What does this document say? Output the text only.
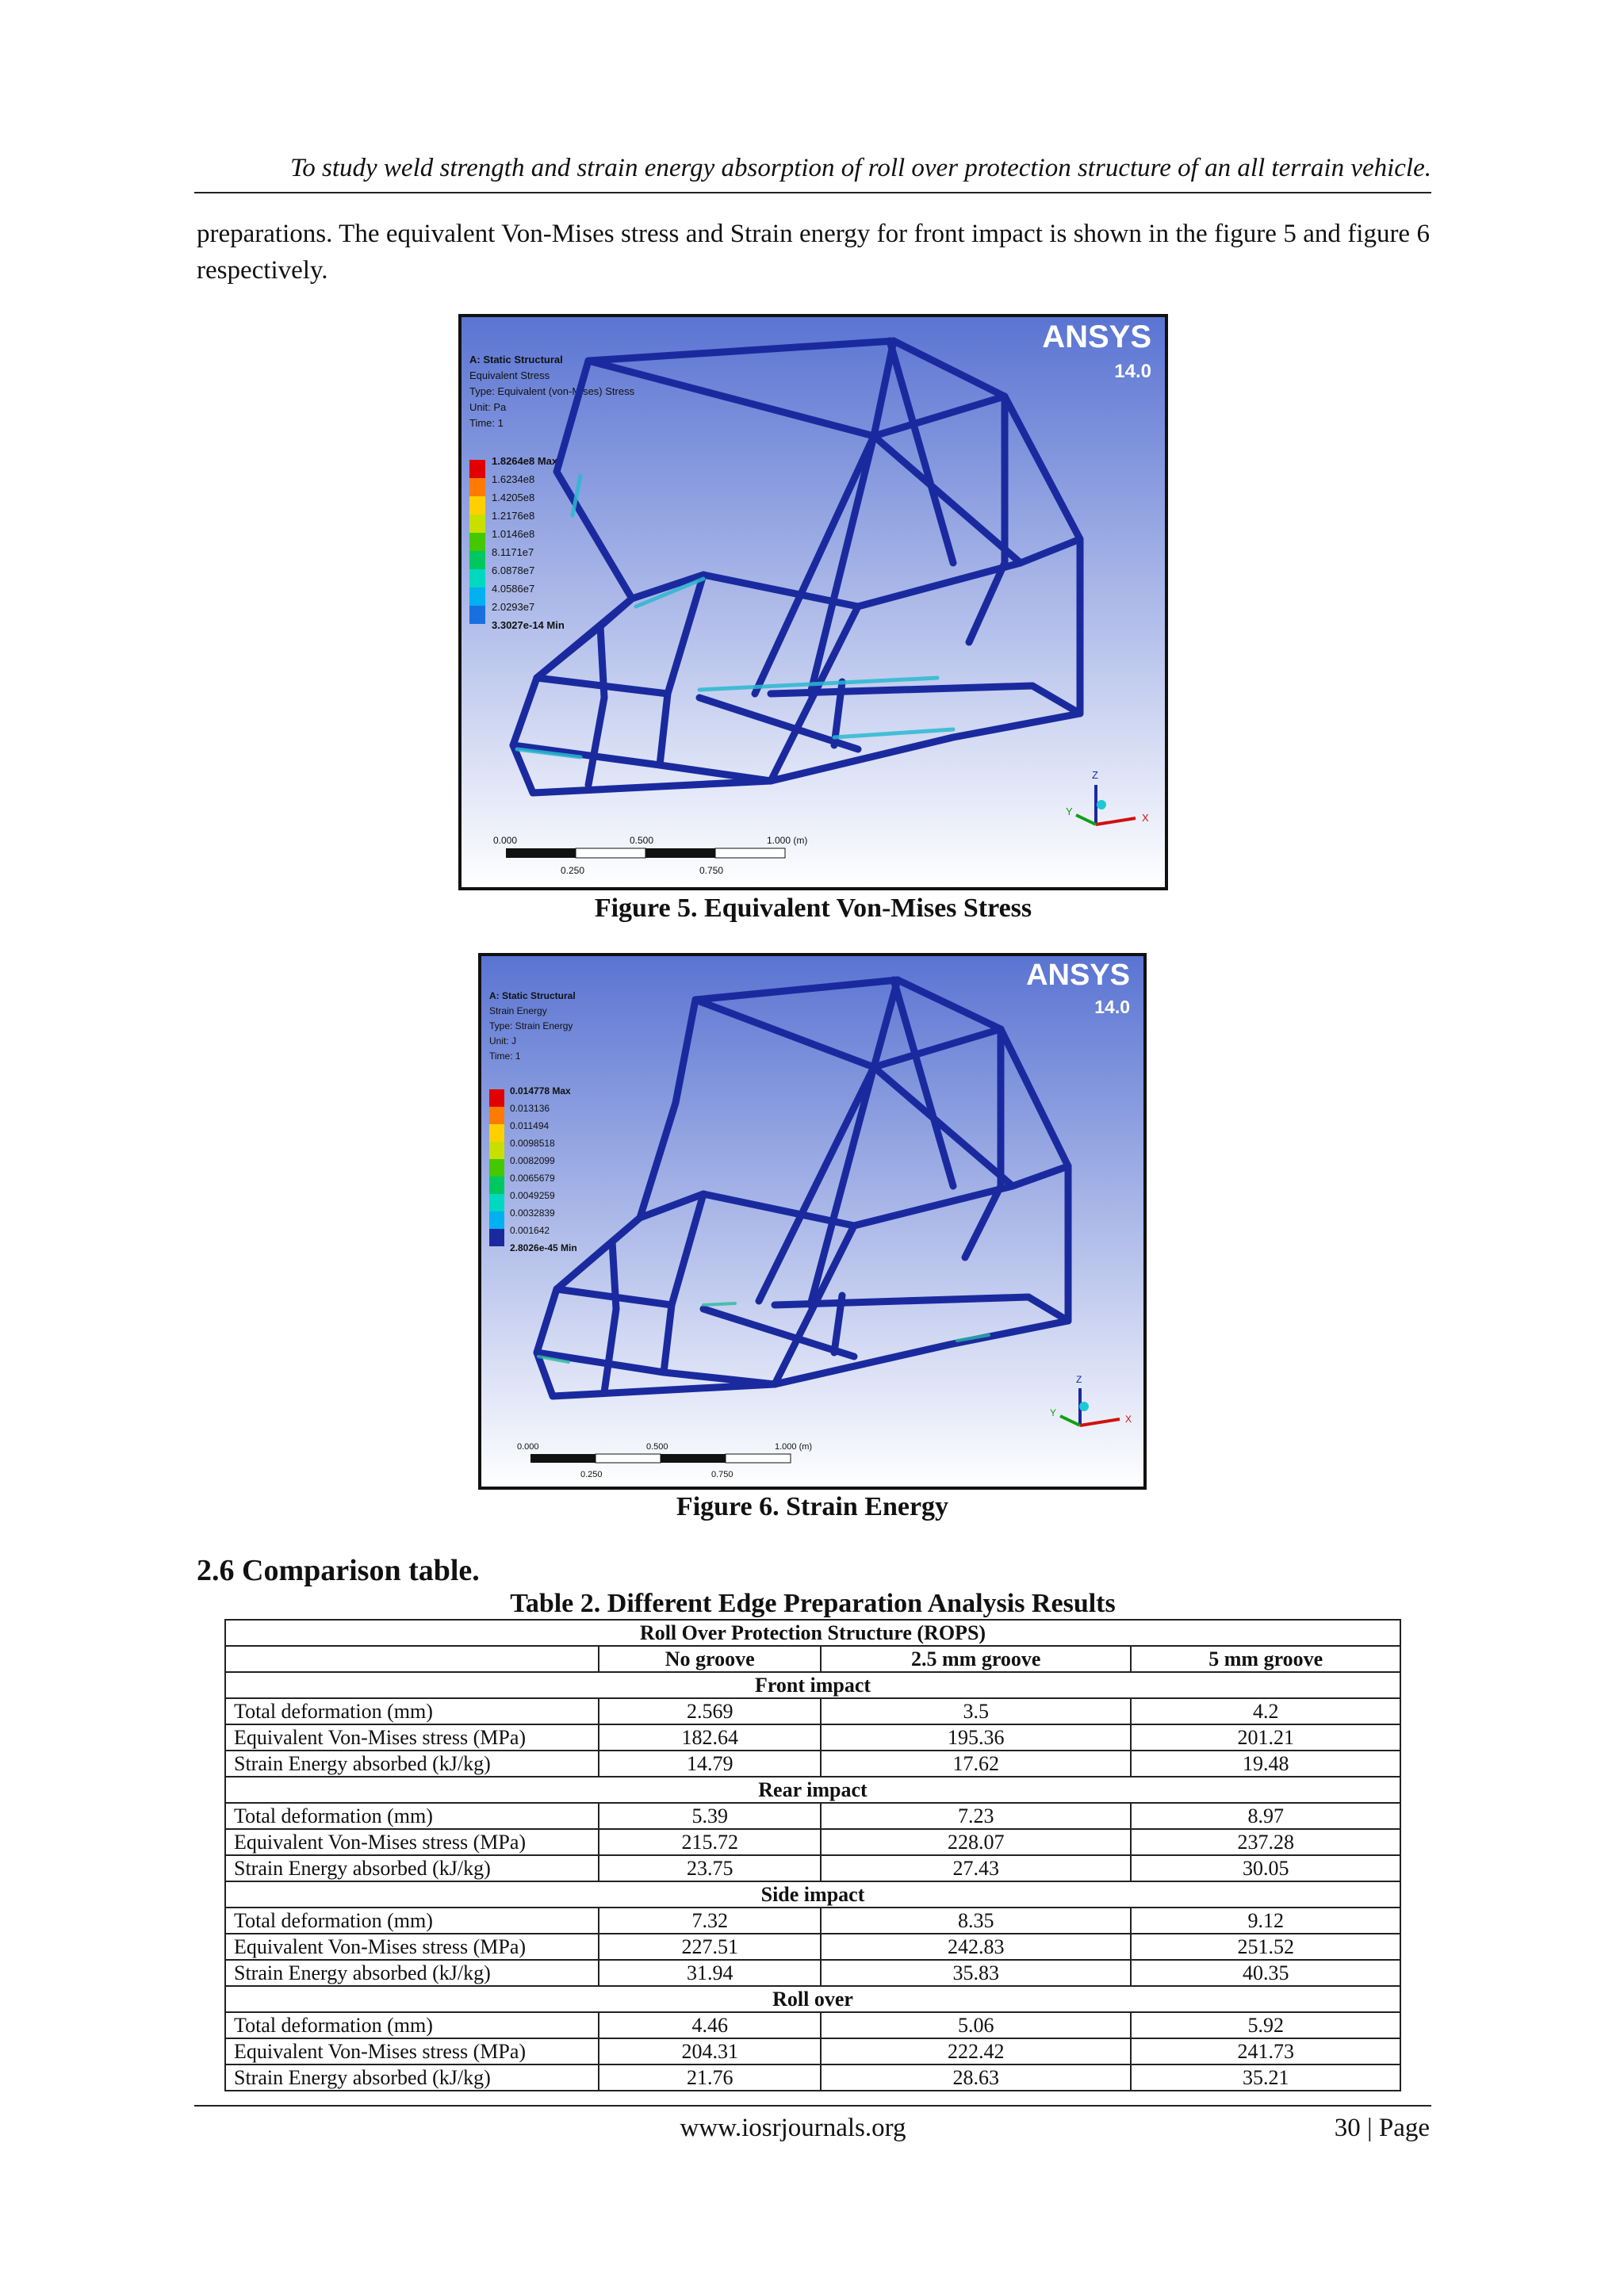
To study weld strength and strain energy absorption of roll over protection structure of an all terrain vehicle.
preparations. The equivalent Von-Mises stress and Strain energy for front impact is shown in the figure 5 and figure 6 respectively.
ANSYS
14.0
A: Static Structural
Equivalent Stress
Type: Equivalent (von-Mises) Stress
Unit: Pa
Time: 1
1.8264e8 Max
1.6234e8
1.4205e8
1.2176e8
1.0146e8
8.1171e7
6.0878e7
4.0586e7
2.0293e7
3.3027e-14 Min
Z
X
Y
0.000	0.500	1.000 (m)
0.250	0.750
Figure 5. Equivalent Von-Mises Stress
ANSYS
14.0
A: Static Structural
Strain Energy
Type: Strain Energy
Unit: J
Time: 1
0.014778 Max
0.013136
0.011494
0.0098518
0.0082099
0.0065679
0.0049259
0.0032839
0.001642
2.8026e-45 Min
Z
X
Y
0.000	0.500	1.000 (m)
0.250	0.750
Figure 6. Strain Energy
2.6 Comparison table.
Table 2. Different Edge Preparation Analysis Results
Roll Over Protection Structure (ROPS)			
	No groove	2.5 mm groove	5 mm groove
Front impact			
Total deformation (mm)	2.569	3.5	4.2
Equivalent Von-Mises stress (MPa)	182.64	195.36	201.21
Strain Energy absorbed (kJ/kg)	14.79	17.62	19.48
Rear impact			
Total deformation (mm)	5.39	7.23	8.97
Equivalent Von-Mises stress (MPa)	215.72	228.07	237.28
Strain Energy absorbed (kJ/kg)	23.75	27.43	30.05
Side impact			
Total deformation (mm)	7.32	8.35	9.12
Equivalent Von-Mises stress (MPa)	227.51	242.83	251.52
Strain Energy absorbed (kJ/kg)	31.94	35.83	40.35
Roll over			
Total deformation (mm)	4.46	5.06	5.92
Equivalent Von-Mises stress (MPa)	204.31	222.42	241.73
Strain Energy absorbed (kJ/kg)	21.76	28.63	35.21
www.iosrjournals.org	30 | Page
